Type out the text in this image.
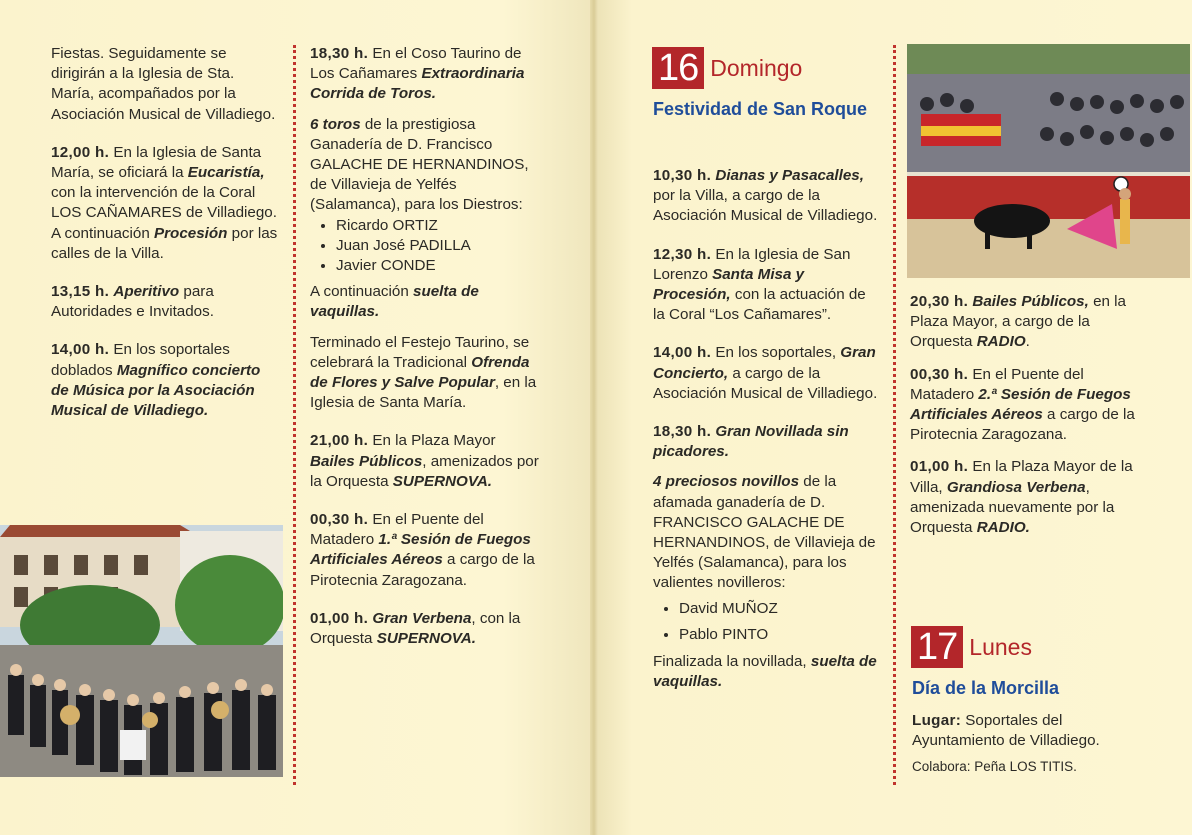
Fiestas. Seguidamente se dirigirán a la Iglesia de Sta. María, acompañados por la Asociación Musical de Villadiego.

12,00 h. En la Iglesia de Santa María, se oficiará la Eucaristía, con la intervención de la Coral LOS CAÑAMARES de Villadiego. A continuación Procesión por las calles de la Villa.

13,15 h. Aperitivo para Autoridades e Invitados.

14,00 h. En los soportales doblados Magnífico concierto de Música por la Asociación Musical de Villadiego.

18,30 h. En el Coso Taurino de Los Cañamares Extraordinaria Corrida de Toros.

6 toros de la prestigiosa Ganadería de D. Francisco GALACHE DE HERNANDINOS, de Villavieja de Yelfés (Salamanca), para los Diestros:

• Ricardo ORTIZ
• Juan José PADILLA
• Javier CONDE

A continuación suelta de vaquillas.

Terminado el Festejo Taurino, se celebrará la Tradicional Ofrenda de Flores y Salve Popular, en la Iglesia de Santa María.

21,00 h. En la Plaza Mayor Bailes Públicos, amenizados por la Orquesta SUPERNOVA.

00,30 h. En el Puente del Matadero 1.ª Sesión de Fuegos Artificiales Aéreos a cargo de la Pirotecnia Zaragozana.

01,00 h. Gran Verbena, con la Orquesta SUPERNOVA.

16 Domingo
Festividad de San Roque

10,30 h. Dianas y Pasacalles, por la Villa, a cargo de la Asociación Musical de Villadiego.

12,30 h. En la Iglesia de San Lorenzo Santa Misa y Procesión, con la actuación de la Coral “Los Cañamares”.

14,00 h. En los soportales, Gran Concierto, a cargo de la Asociación Musical de Villadiego.

18,30 h. Gran Novillada sin picadores.

4 preciosos novillos de la afamada ganadería de D. FRANCISCO GALACHE DE HERNANDINOS, de Villavieja de Yelfés (Salamanca), para los valientes novilleros:

• David MUÑOZ
• Pablo PINTO

Finalizada la novillada, suelta de vaquillas.

20,30 h. Bailes Públicos, en la Plaza Mayor, a cargo de la Orquesta RADIO.

00,30 h. En el Puente del Matadero 2.ª Sesión de Fuegos Artificiales Aéreos a cargo de la Pirotecnia Zaragozana.

01,00 h. En la Plaza Mayor de la Villa, Grandiosa Verbena, amenizada nuevamente por la Orquesta RADIO.

17 Lunes
Día de la Morcilla

Lugar: Soportales del Ayuntamiento de Villadiego.

Colabora: Peña LOS TITIS.
